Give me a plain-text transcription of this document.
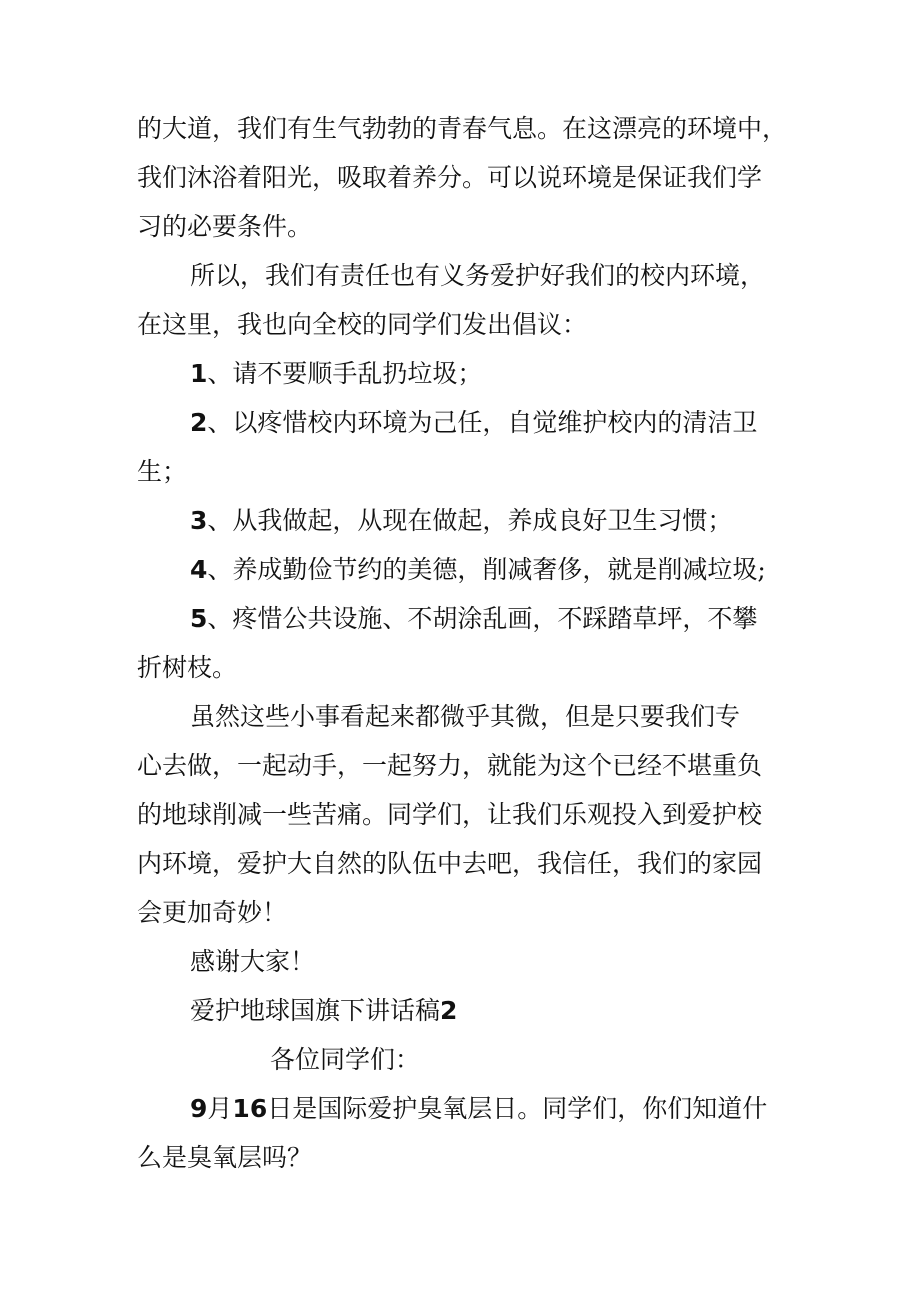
的大道，我们有生气勃勃的青春气息。在这漂亮的环境中，
我们沐浴着阳光，吸取着养分。可以说环境是保证我们学
习的必要条件。
所以，我们有责任也有义务爱护好我们的校内环境，
在这里，我也向全校的同学们发出倡议：
1、请不要顺手乱扔垃圾；
2、以疼惜校内环境为己任，自觉维护校内的清洁卫
生；
3、从我做起，从现在做起，养成良好卫生习惯；
4、养成勤俭节约的美德，削减奢侈，就是削减垃圾;
5、疼惜公共设施、不胡涂乱画，不踩踏草坪，不攀
折树枝。
虽然这些小事看起来都微乎其微，但是只要我们专
心去做，一起动手，一起努力，就能为这个已经不堪重负
的地球削减一些苦痛。同学们，让我们乐观投入到爱护校
内环境，爱护大自然的队伍中去吧，我信任，我们的家园
会更加奇妙！
感谢大家！
爱护地球国旗下讲话稿2
各位同学们：
9月16日是国际爱护臭氧层日。同学们，你们知道什
么是臭氧层吗？
